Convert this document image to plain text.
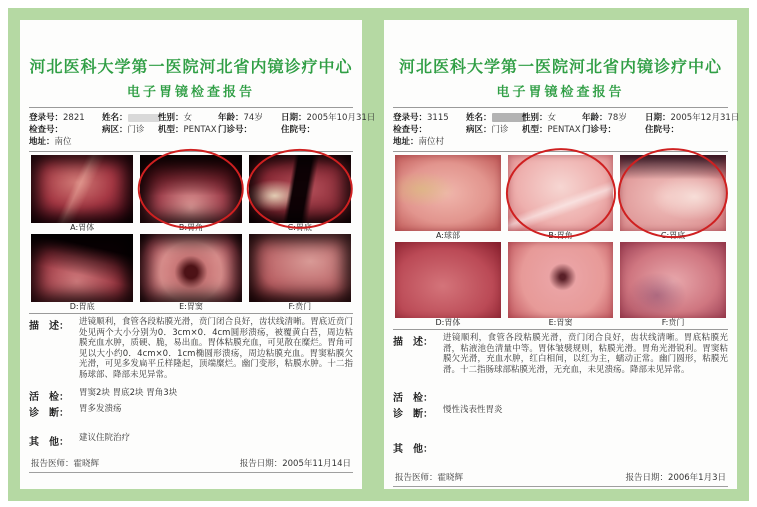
河北医科大学第一医院河北省内镜诊疗中心
电子胃镜检查报告
登录号：2821	姓名：	性别：女	年龄：74岁	日期：2005年10月31日
检查号：	病区：门诊	机型：PENTAX 门诊号：	住院号：
地址：南位
A:胃体	B:胃角	C:胃底
D:胃底	E:胃窦	F:贲门
描　述：	进镜顺利，食管各段粘膜光滑，贲门闭合良好，齿状线清晰。胃底近贲门处见两个大小分别为0．3cm×0．4cm圆形溃疡，被覆黄白苔，周边粘膜充血水肿，质硬、脆，易出血。胃体粘膜充血，可见散在糜烂。胃角可见以大小约0．4cm×0．1cm椭圆形溃疡，周边粘膜充血。胃窦粘膜欠光滑，可见多发扁平丘样隆起，顶端糜烂。幽门变形，粘膜水肿。十二指肠球部、降部未见异常。
活　检：	胃窦2块 胃底2块 胃角3块
诊　断：	胃多发溃疡
其　他：	建议住院治疗
报告医师：霍晓辉	报告日期：2005年11月14日
河北医科大学第一医院河北省内镜诊疗中心
电子胃镜检查报告
登录号：3115	姓名：	性别：女	年龄：78岁	日期：2005年12月31日
检查号：	病区：门诊	机型：PENTAX 门诊号：	住院号：
地址：南位村
A:球部	B:胃角	C:胃底
D:胃体	E:胃窦	F:贲门
描　述：	进镜顺利，食管各段粘膜光滑，贲门闭合良好，齿状线清晰。胃底粘膜光滑，粘液池色清量中等。胃体皱襞规则，粘膜光滑。胃角光滑锐利。胃窦粘膜欠光滑，充血水肿，红白相间，以红为主，蠕动正常。幽门圆形，粘膜光滑。十二指肠球部粘膜光滑，无充血，未见溃疡。降部未见异常。
活　检：
诊　断：	慢性浅表性胃炎
其　他：
报告医师：霍晓辉	报告日期：2006年1月3日
